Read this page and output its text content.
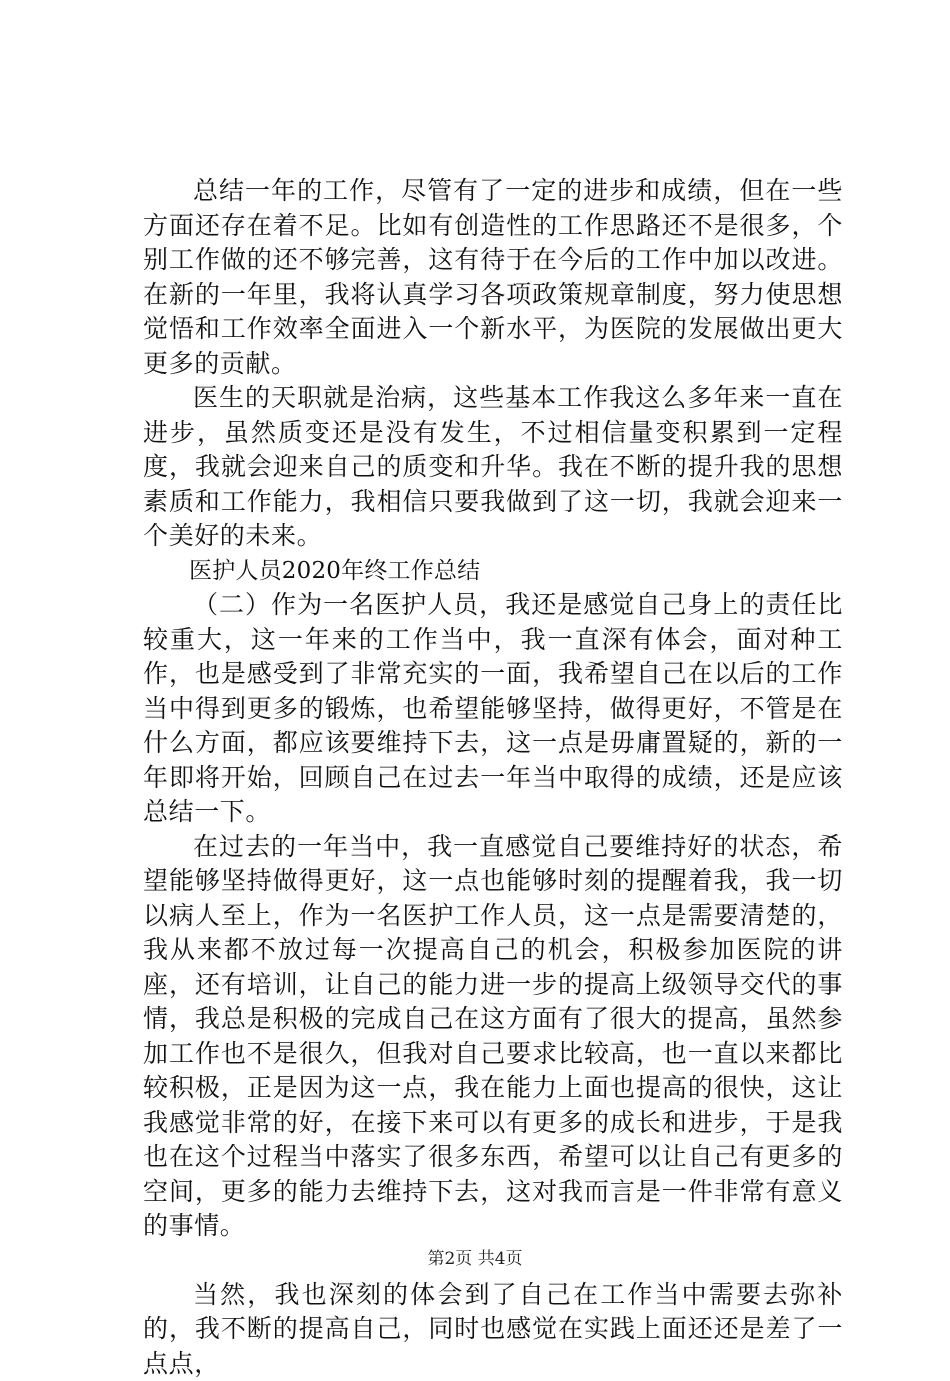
总结一年的工作，尽管有了一定的进步和成绩，但在一些方面还存在着不足。比如有创造性的工作思路还不是很多，个别工作做的还不够完善，这有待于在今后的工作中加以改进。在新的一年里，我将认真学习各项政策规章制度，努力使思想觉悟和工作效率全面进入一个新水平，为医院的发展做出更大更多的贡献。

医生的天职就是治病，这些基本工作我这么多年来一直在进步，虽然质变还是没有发生，不过相信量变积累到一定程度，我就会迎来自己的质变和升华。我在不断的提升我的思想素质和工作能力，我相信只要我做到了这一切，我就会迎来一个美好的未来。

医护人员2020年终工作总结

（二）作为一名医护人员，我还是感觉自己身上的责任比较重大，这一年来的工作当中，我一直深有体会，面对种工作，也是感受到了非常充实的一面，我希望自己在以后的工作当中得到更多的锻炼，也希望能够坚持，做得更好，不管是在什么方面，都应该要维持下去，这一点是毋庸置疑的，新的一年即将开始，回顾自己在过去一年当中取得的成绩，还是应该总结一下。

在过去的一年当中，我一直感觉自己要维持好的状态，希望能够坚持做得更好，这一点也能够时刻的提醒着我，我一切以病人至上，作为一名医护工作人员，这一点是需要清楚的，我从来都不放过每一次提高自己的机会，积极参加医院的讲座，还有培训，让自己的能力进一步的提高上级领导交代的事情，我总是积极的完成自己在这方面有了很大的提高，虽然参加工作也不是很久，但我对自己要求比较高，也一直以来都比较积极，正是因为这一点，我在能力上面也提高的很快，这让我感觉非常的好，在接下来可以有更多的成长和进步，于是我也在这个过程当中落实了很多东西，希望可以让自己有更多的空间，更多的能力去维持下去，这对我而言是一件非常有意义的事情。

当然，我也深刻的体会到了自己在工作当中需要去弥补的，我不断的提高自己，同时也感觉在实践上面还还是差了一点点，

第2页 共4页
